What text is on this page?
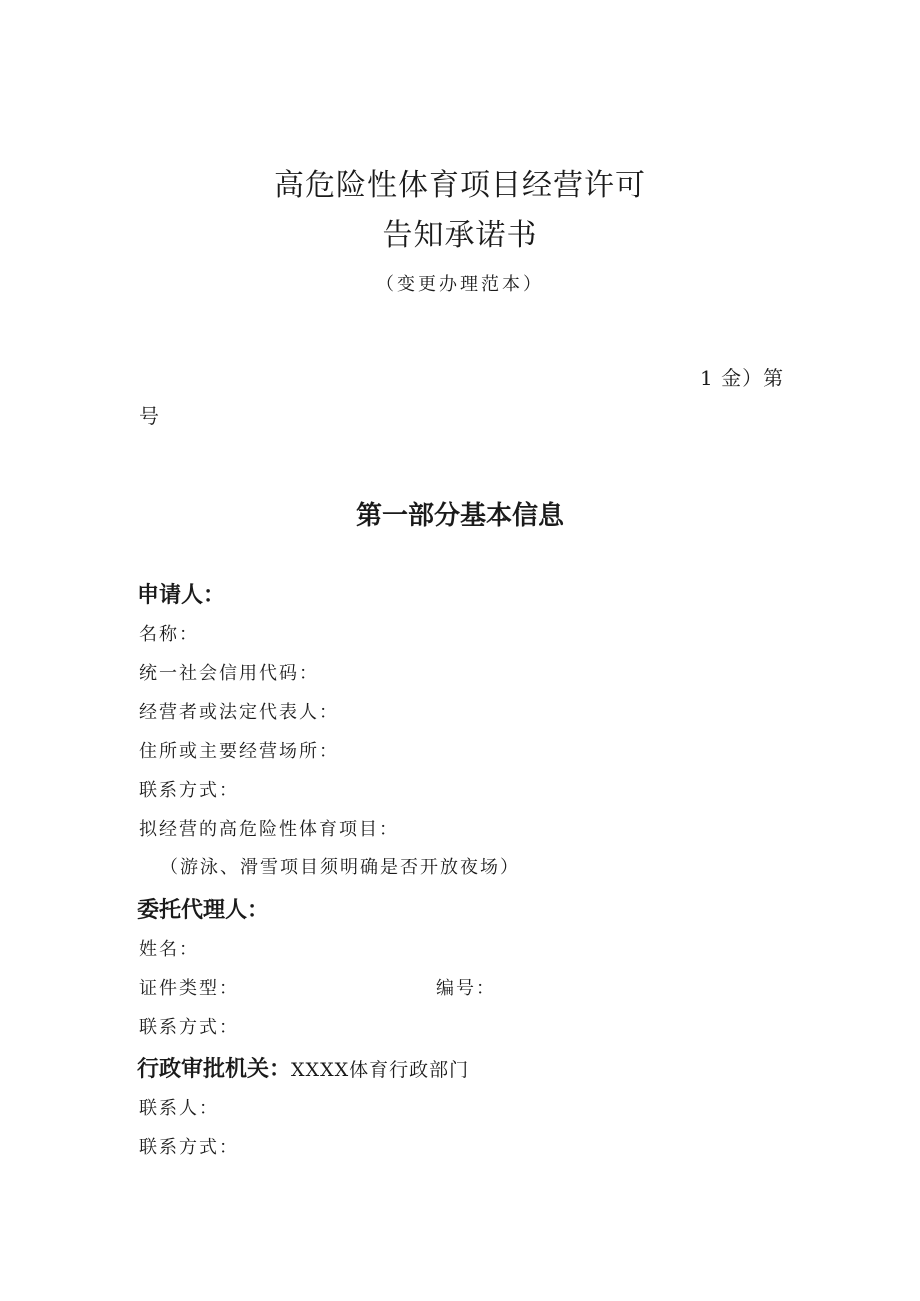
高危险性体育项目经营许可
告知承诺书
（变更办理范本）
1 金）第
号
第一部分基本信息
申请人：
名称：
统一社会信用代码：
经营者或法定代表人：
住所或主要经营场所：
联系方式：
拟经营的高危险性体育项目：
（游泳、滑雪项目须明确是否开放夜场）
委托代理人：
姓名：
证件类型：	编号：
联系方式：
行政审批机关：XXXX体育行政部门
联系人：
联系方式：
